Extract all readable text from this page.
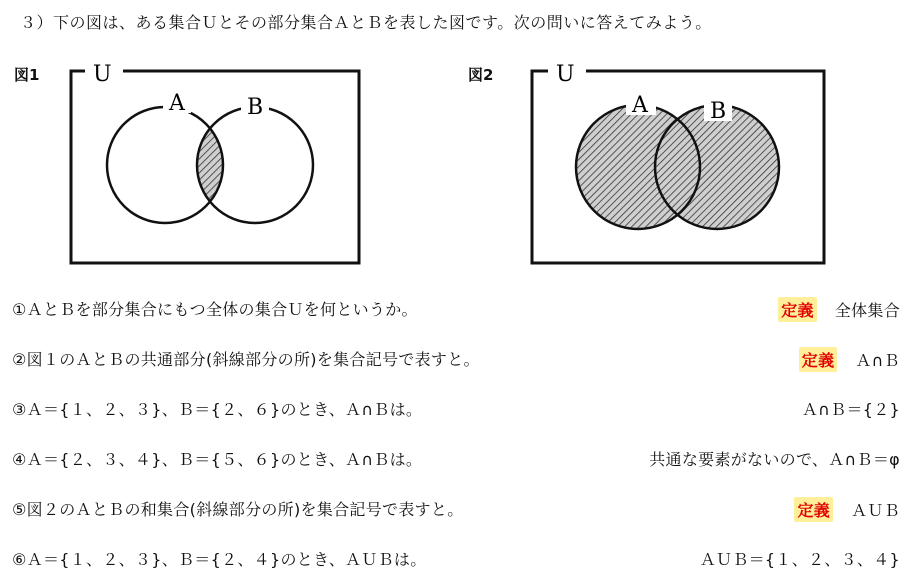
３）下の図は、ある集合Ｕとその部分集合ＡとＢを表した図です。次の問いに答えてみよう。
図1	図2
U
A	B
U
A	B
①ＡとＢを部分集合にもつ全体の集合Ｕを何というか。	定義 全体集合
②図１のＡとＢの共通部分(斜線部分の所)を集合記号で表すと。	定義 Ａ∩Ｂ
③Ａ＝{１、２、３}、Ｂ＝{２、６}のとき、Ａ∩Ｂは。	Ａ∩Ｂ＝{２}
④Ａ＝{２、３、４}、Ｂ＝{５、６}のとき、Ａ∩Ｂは。	共通な要素がないので、Ａ∩Ｂ＝φ
⑤図２のＡとＢの和集合(斜線部分の所)を集合記号で表すと。	定義 ＡＵＢ
⑥Ａ＝{１、２、３}、Ｂ＝{２、４}のとき、ＡＵＢは。	ＡＵＢ＝{１、２、３、４}
